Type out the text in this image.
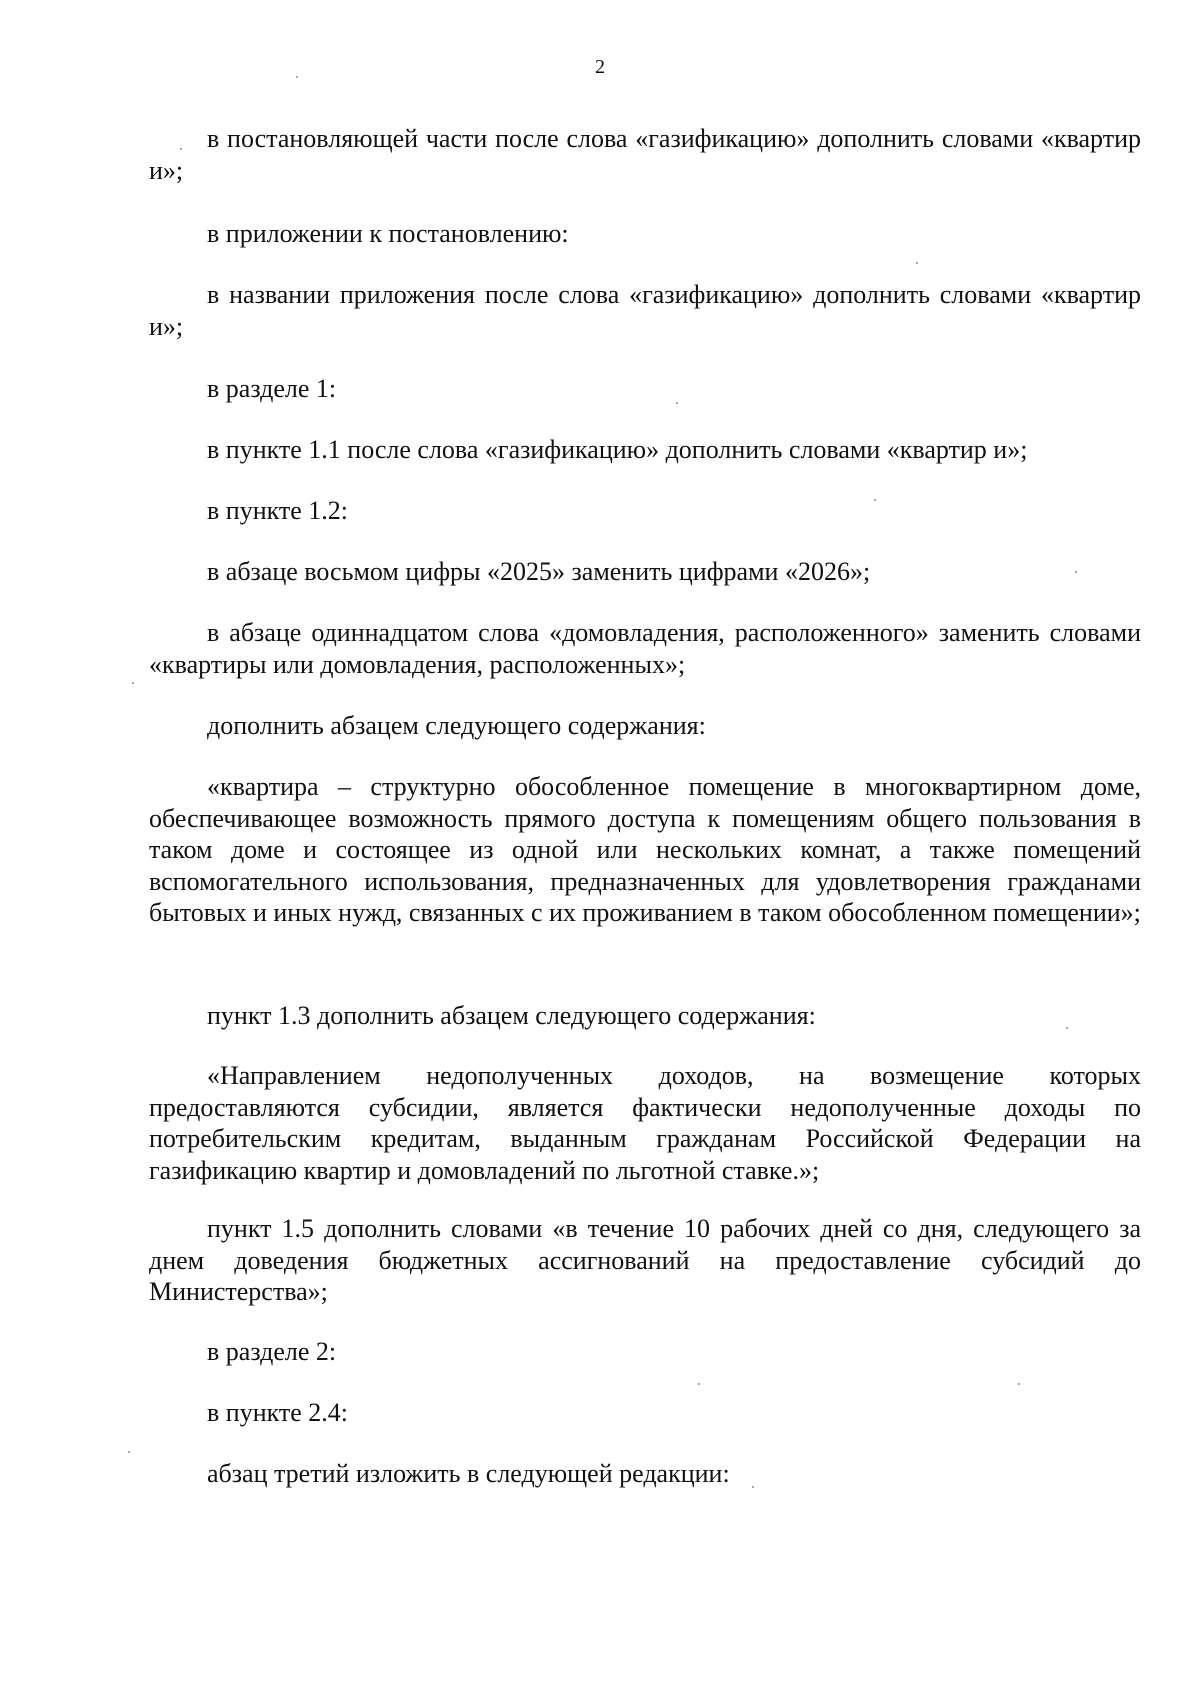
2

в постановляющей части после слова «газификацию» дополнить словами «квартир и»;

в приложении к постановлению:

в названии приложения после слова «газификацию» дополнить словами «квартир и»;

в разделе 1:

в пункте 1.1 после слова «газификацию» дополнить словами «квартир и»;

в пункте 1.2:

в абзаце восьмом цифры «2025» заменить цифрами «2026»;

в абзаце одиннадцатом слова «домовладения, расположенного» заменить словами «квартиры или домовладения, расположенных»;

дополнить абзацем следующего содержания:

«квартира – структурно обособленное помещение в многоквартирном доме, обеспечивающее возможность прямого доступа к помещениям общего пользования в таком доме и состоящее из одной или нескольких комнат, а также помещений вспомогательного использования, предназначенных для удовлетворения гражданами бытовых и иных нужд, связанных с их проживанием в таком обособленном помещении»;

пункт 1.3 дополнить абзацем следующего содержания:

«Направлением недополученных доходов, на возмещение которых предоставляются субсидии, является фактически недополученные доходы по потребительским кредитам, выданным гражданам Российской Федерации на газификацию квартир и домовладений по льготной ставке.»;

пункт 1.5 дополнить словами «в течение 10 рабочих дней со дня, следующего за днем доведения бюджетных ассигнований на предоставление субсидий до Министерства»;

в разделе 2:

в пункте 2.4:

абзац третий изложить в следующей редакции:
